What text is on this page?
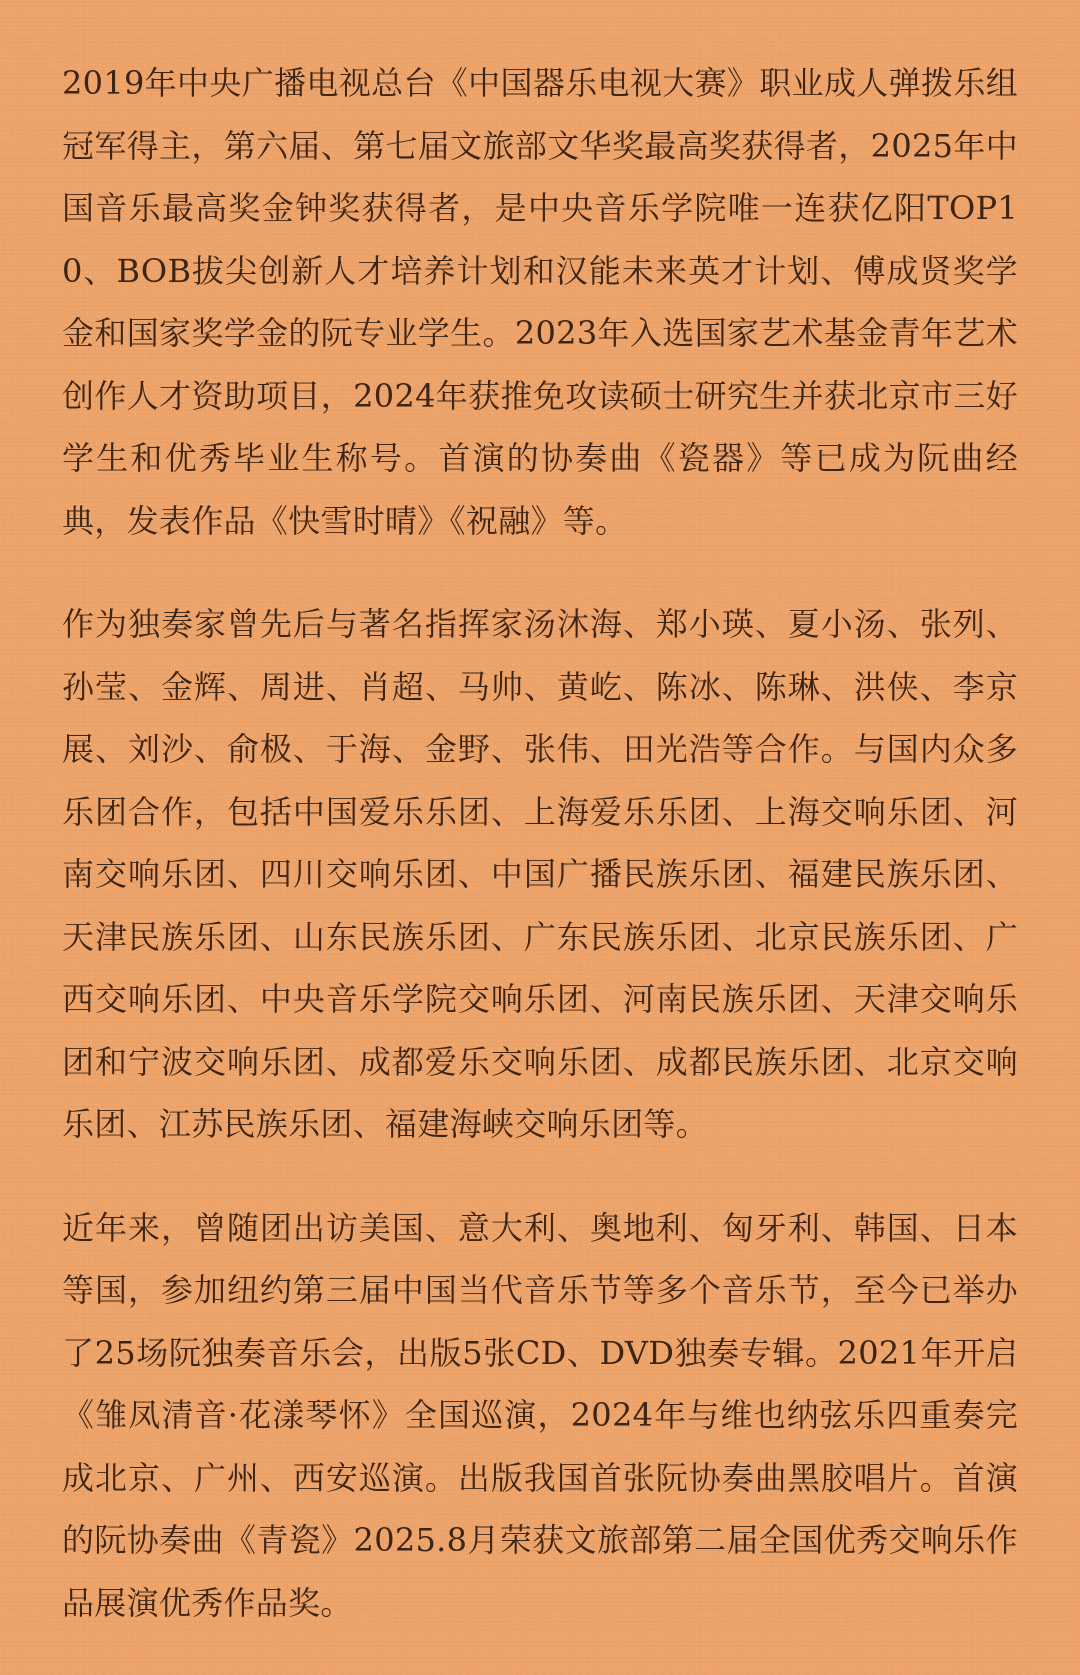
2019年中央广播电视总台《中国器乐电视大赛》职业成人弹拨乐组冠军得主，第六届、第七届文旅部文华奖最高奖获得者，2025年中国音乐最高奖金钟奖获得者，是中央音乐学院唯一连获亿阳TOP10、BOB拔尖创新人才培养计划和汉能未来英才计划、傅成贤奖学金和国家奖学金的阮专业学生。2023年入选国家艺术基金青年艺术创作人才资助项目，2024年获推免攻读硕士研究生并获北京市三好学生和优秀毕业生称号。首演的协奏曲《瓷器》等已成为阮曲经典，发表作品《快雪时晴》《祝融》等。

作为独奏家曾先后与著名指挥家汤沐海、郑小瑛、夏小汤、张列、孙莹、金辉、周进、肖超、马帅、黄屹、陈冰、陈琳、洪侠、李京展、刘沙、俞极、于海、金野、张伟、田光浩等合作。与国内众多乐团合作，包括中国爱乐乐团、上海爱乐乐团、上海交响乐团、河南交响乐团、四川交响乐团、中国广播民族乐团、福建民族乐团、天津民族乐团、山东民族乐团、广东民族乐团、北京民族乐团、广西交响乐团、中央音乐学院交响乐团、河南民族乐团、天津交响乐团和宁波交响乐团、成都爱乐交响乐团、成都民族乐团、北京交响乐团、江苏民族乐团、福建海峡交响乐团等。

近年来，曾随团出访美国、意大利、奥地利、匈牙利、韩国、日本等国，参加纽约第三届中国当代音乐节等多个音乐节，至今已举办了25场阮独奏音乐会，出版5张CD、DVD独奏专辑。2021年开启《雏凤清音·花漾琴怀》全国巡演，2024年与维也纳弦乐四重奏完成北京、广州、西安巡演。出版我国首张阮协奏曲黑胶唱片。首演的阮协奏曲《青瓷》2025.8月荣获文旅部第二届全国优秀交响乐作品展演优秀作品奖。
